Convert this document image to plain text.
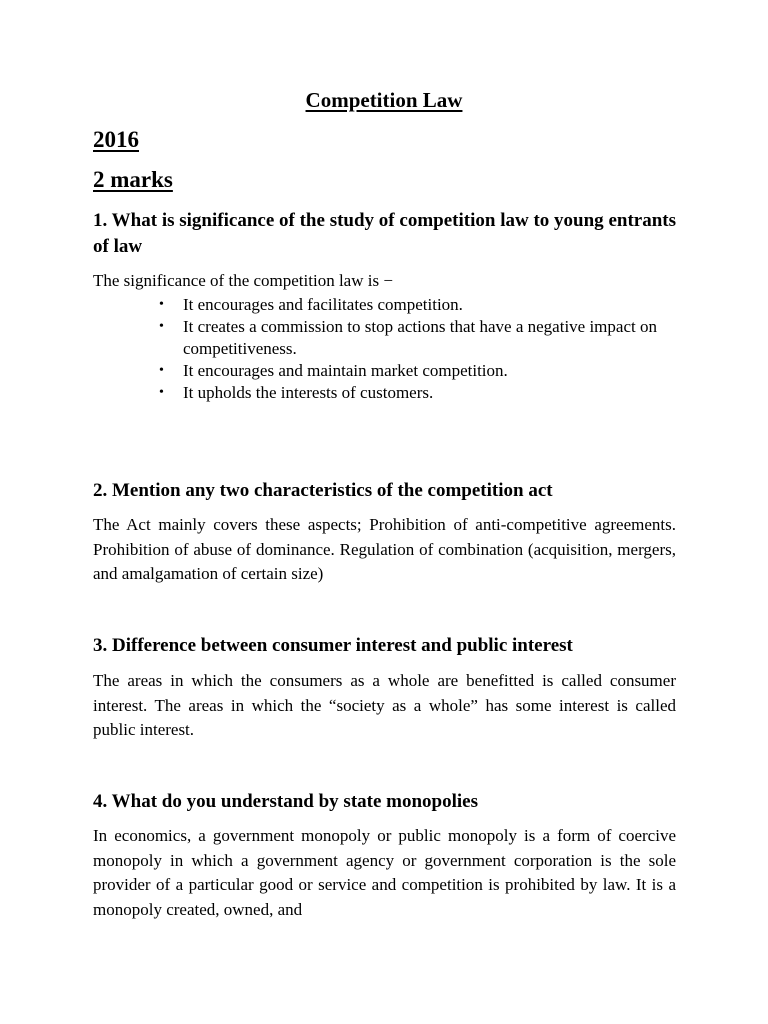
Competition Law

2016

2 marks

1. What is significance of the study of competition law to young entrants of law

The significance of the competition law is −

• It encourages and facilitates competition.
• It creates a commission to stop actions that have a negative impact on competitiveness.
• It encourages and maintain market competition.
• It upholds the interests of customers.

2. Mention any two characteristics of the competition act

The Act mainly covers these aspects; Prohibition of anti-competitive agreements. Prohibition of abuse of dominance. Regulation of combination (acquisition, mergers, and amalgamation of certain size)

3. Difference between consumer interest and public interest

The areas in which the consumers as a whole are benefitted is called consumer interest. The areas in which the “society as a whole” has some interest is called public interest.

4. What do you understand by state monopolies

In economics, a government monopoly or public monopoly is a form of coercive monopoly in which a government agency or government corporation is the sole provider of a particular good or service and competition is prohibited by law. It is a monopoly created, owned, and
